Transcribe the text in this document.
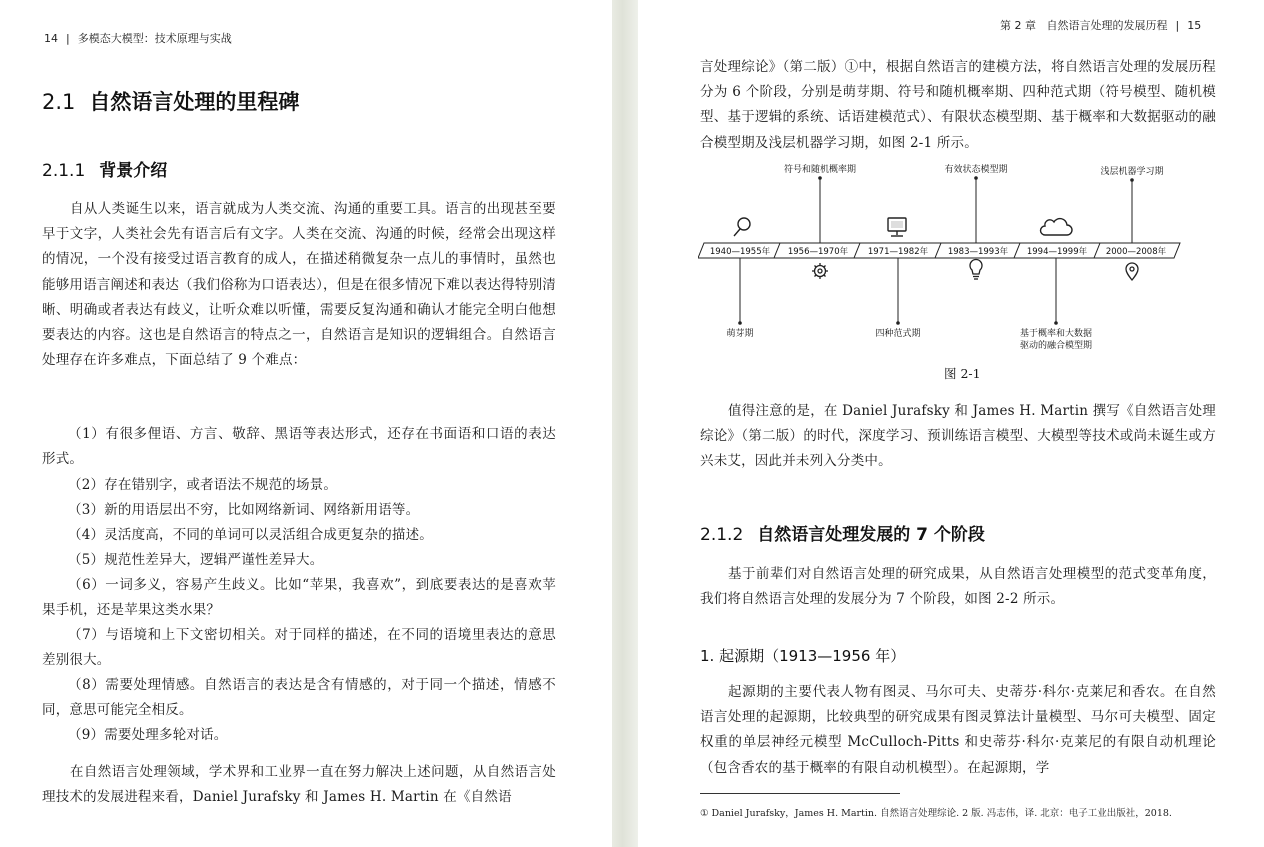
14 | 多模态大模型：技术原理与实战
2.1 自然语言处理的里程碑
2.1.1 背景介绍

自从人类诞生以来，语言就成为人类交流、沟通的重要工具。语言的出现甚至要早于文字，人类社会先有语言后有文字。人类在交流、沟通的时候，经常会出现这样的情况，一个没有接受过语言教育的成人，在描述稍微复杂一点儿的事情时，虽然也能够用语言阐述和表达（我们俗称为口语表达），但是在很多情况下难以表达得特别清晰、明确或者表达有歧义，让听众难以听懂，需要反复沟通和确认才能完全明白他想要表达的内容。这也是自然语言的特点之一，自然语言是知识的逻辑组合。自然语言处理存在许多难点，下面总结了 9 个难点：

（1）有很多俚语、方言、敬辞、黑语等表达形式，还存在书面语和口语的表达形式。

（2）存在错别字，或者语法不规范的场景。

（3）新的用语层出不穷，比如网络新词、网络新用语等。

（4）灵活度高，不同的单词可以灵活组合成更复杂的描述。

（5）规范性差异大，逻辑严谨性差异大。

（6）一词多义，容易产生歧义。比如“苹果，我喜欢”，到底要表达的是喜欢苹果手机，还是苹果这类水果？

（7）与语境和上下文密切相关。对于同样的描述，在不同的语境里表达的意思差别很大。

（8）需要处理情感。自然语言的表达是含有情感的，对于同一个描述，情感不同，意思可能完全相反。

（9）需要处理多轮对话。

在自然语言处理领域，学术界和工业界一直在努力解决上述问题，从自然语言处理技术的发展进程来看，Daniel Jurafsky 和 James H. Martin 在《自然语

第 2 章 自然语言处理的发展历程 | 15

言处理综论》（第二版）①中，根据自然语言的建模方法，将自然语言处理的发展历程分为 6 个阶段，分别是萌芽期、符号和随机概率期、四种范式期（符号模型、随机模型、基于逻辑的系统、话语建模范式）、有限状态模型期、基于概率和大数据驱动的融合模型期及浅层机器学习期，如图 2-1 所示。

符号和随机概率期	有效状态模型期	浅层机器学习期
1940—1955年 1956—1970年 1971—1982年 1983—1993年 1994—1999年 2000—2008年
萌芽期	四种范式期	基于概率和大数据
驱动的融合模型期
图 2-1

值得注意的是，在 Daniel Jurafsky 和 James H. Martin 撰写《自然语言处理综论》（第二版）的时代，深度学习、预训练语言模型、大模型等技术或尚未诞生或方兴未艾，因此并未列入分类中。

2.1.2 自然语言处理发展的 7 个阶段

基于前辈们对自然语言处理的研究成果，从自然语言处理模型的范式变革角度，我们将自然语言处理的发展分为 7 个阶段，如图 2-2 所示。

1. 起源期（1913—1956 年）

起源期的主要代表人物有图灵、马尔可夫、史蒂芬·科尔·克莱尼和香农。在自然语言处理的起源期，比较典型的研究成果有图灵算法计量模型、马尔可夫模型、固定权重的单层神经元模型 McCulloch-Pitts 和史蒂芬·科尔·克莱尼的有限自动机理论（包含香农的基于概率的有限自动机模型）。在起源期，学

① Daniel Jurafsky，James H. Martin. 自然语言处理综论. 2 版. 冯志伟，译. 北京：电子工业出版社，2018.
